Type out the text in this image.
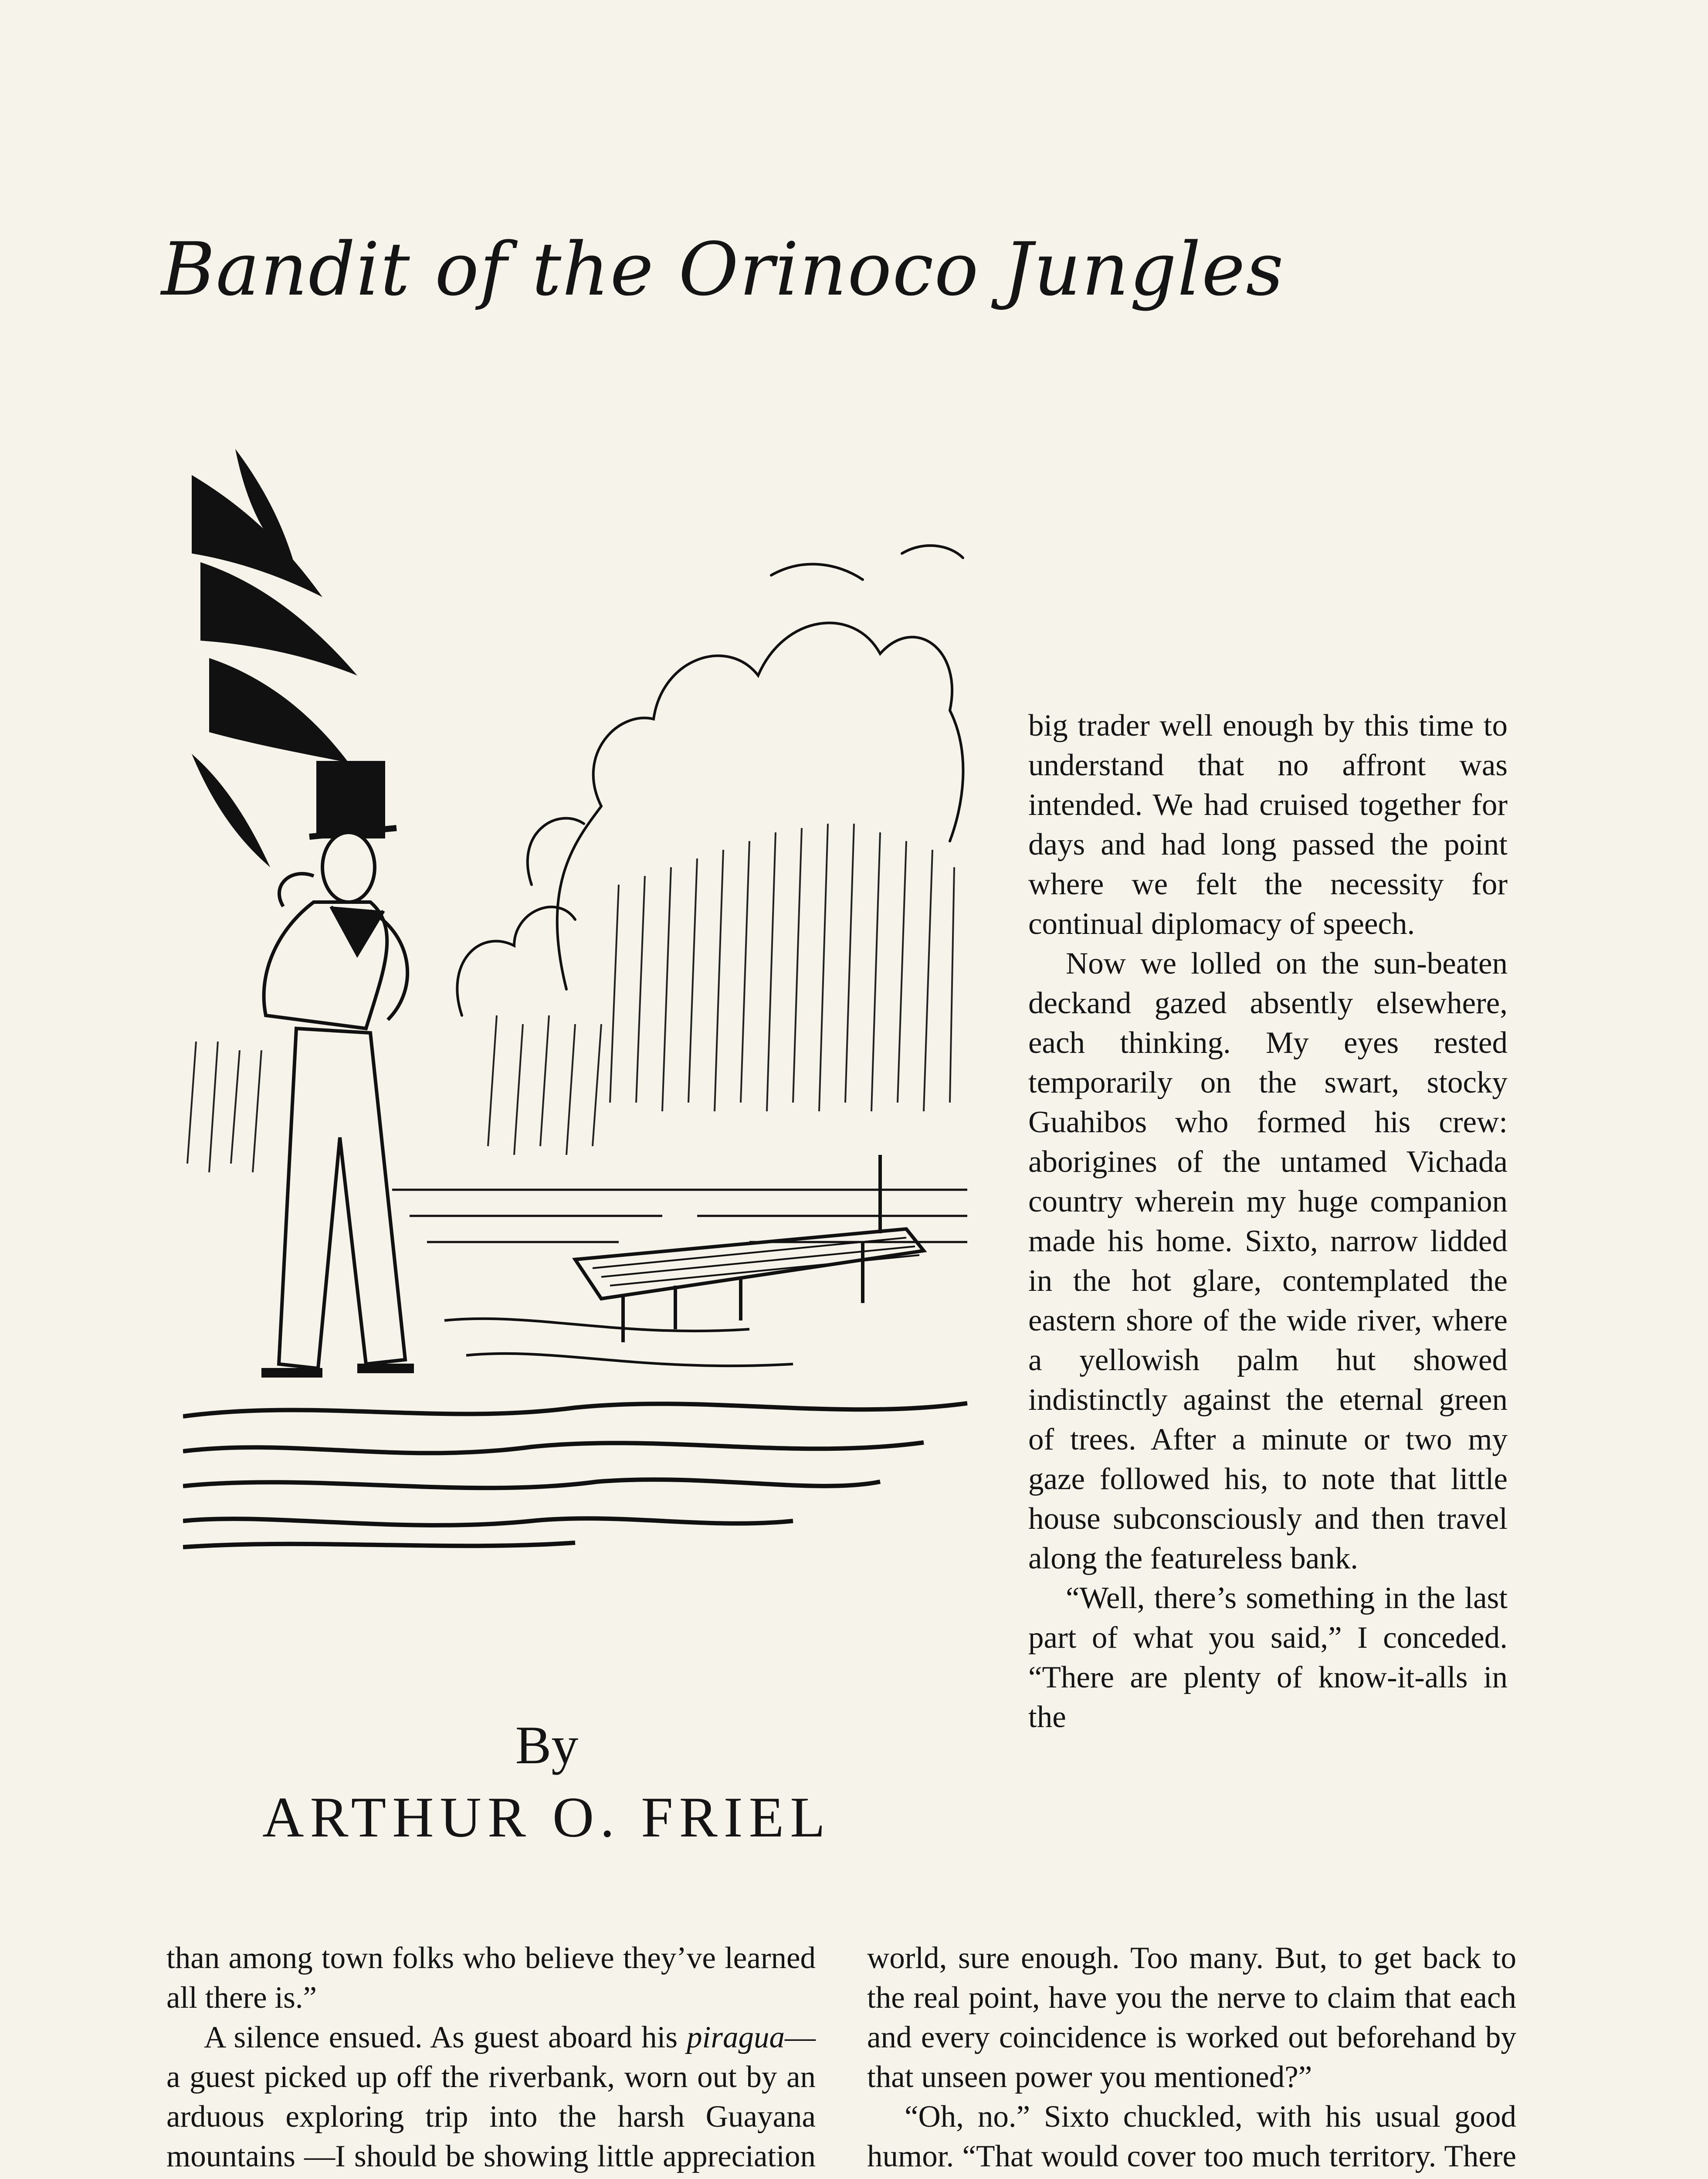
Bandit of the Orinoco Jungles
By
ARTHUR O. FRIEL

big trader well enough by this time to understand that no affront was intended. We had cruised together for days and had long passed the point where we felt the necessity for continual diplomacy of speech.

Now we lolled on the sun-beaten deckand gazed absently elsewhere, each thinking. My eyes rested temporarily on the swart, stocky Guahibos who formed his crew: aborigines of the untamed Vichada country wherein my huge companion made his home. Sixto, narrow lidded in the hot glare, contemplated the eastern shore of the wide river, where a yellowish palm hut showed indistinctly against the eternal green of trees. After a minute or two my gaze followed his, to note that little house subconsciously and then travel along the featureless bank.

“Well, there’s something in the last part of what you said,” I conceded. “There are plenty of know-it-alls in the

than among town folks who believe they’ve learned all there is.”

A silence ensued. As guest aboard his piragua—a guest picked up off the riverbank, worn out by an arduous exploring trip into the harsh Guayana mountains —I should be showing little appreciation

world, sure enough. Too many. But, to get back to the real point, have you the nerve to claim that each and every coincidence is worked out beforehand by that unseen power you mentioned?”

“Oh, no.” Sixto chuckled, with his usual good humor. “That would cover too much territory. There
